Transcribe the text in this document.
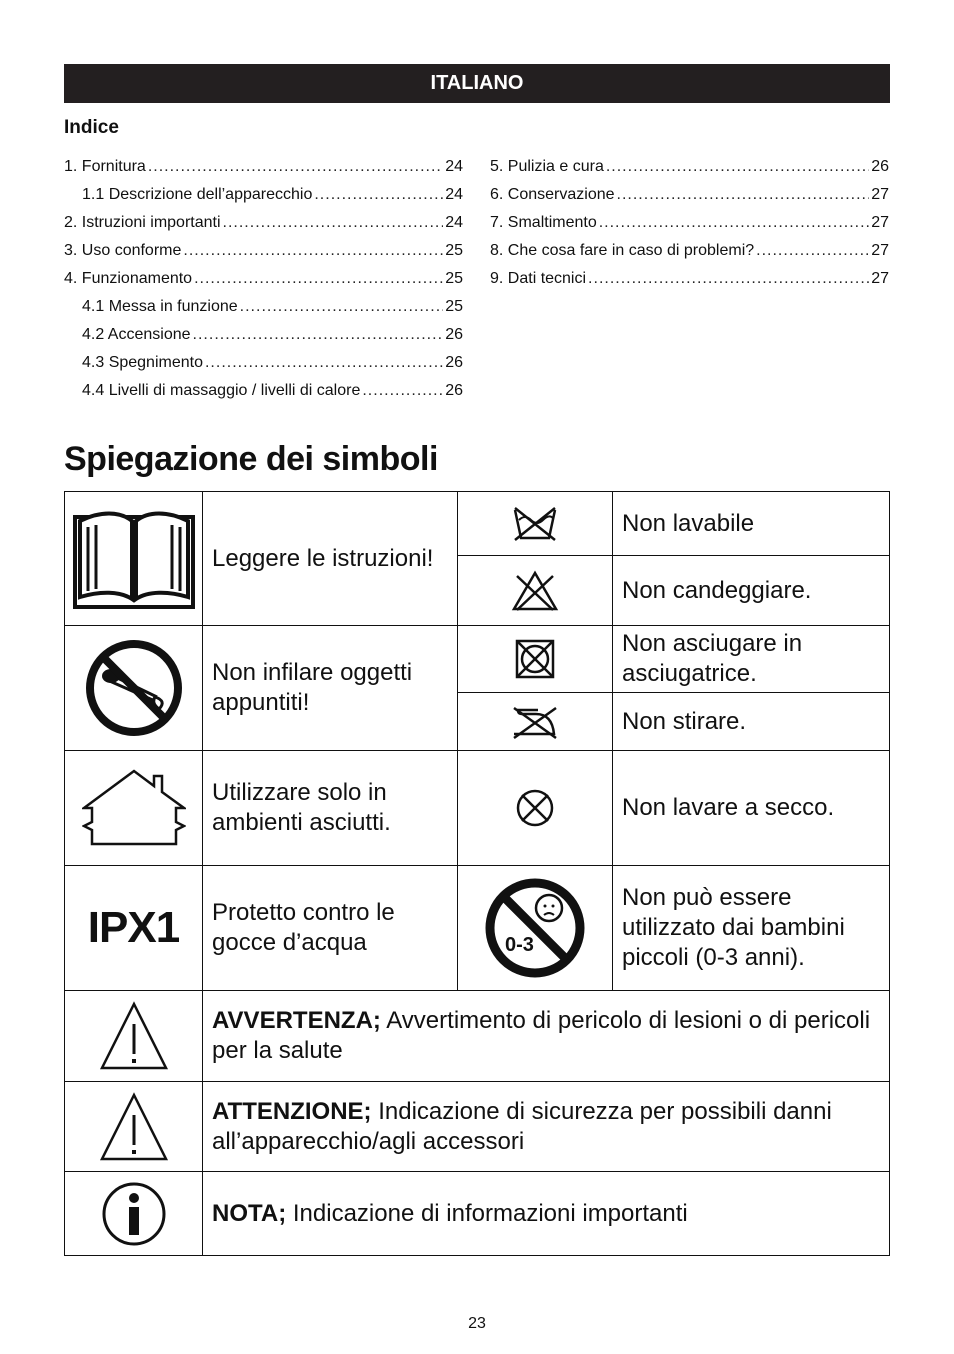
ITALIANO
Indice
1. Fornitura .....	24
1.1 Descrizione dell’apparecchio .....	24
2. Istruzioni importanti .....	24
3. Uso conforme .....	25
4. Funzionamento .....	25
4.1 Messa in funzione .....	25
4.2 Accensione .....	26
4.3 Spegnimento .....	26
4.4 Livelli di massaggio / livelli di calore .....	26
5. Pulizia e cura .....	26
6. Conservazione .....	27
7. Smaltimento .....	27
8. Che cosa fare in caso di problemi? .....	27
9. Dati tecnici .....	27
Spiegazione dei simboli
	Leggere le istruzioni!		Non lavabile

	Non candeggiare.

	Non infilare oggetti appuntiti!		Non asciugare in asciugatrice.

	Non stirare.

	Utilizzare solo in ambienti asciutti.		Non lavare a secco.
IPX1	Protetto contro le gocce d’acqua	0-3	Non può essere utilizzato dai bambini piccoli (0-3 anni).

	AVVERTENZA; Avvertimento di pericolo di lesioni o di pericoli per la salute		

	ATTENZIONE; Indicazione di sicurezza per possibili danni all’apparecchio/agli accessori		

	NOTA; Indicazione di informazioni importanti		
23
